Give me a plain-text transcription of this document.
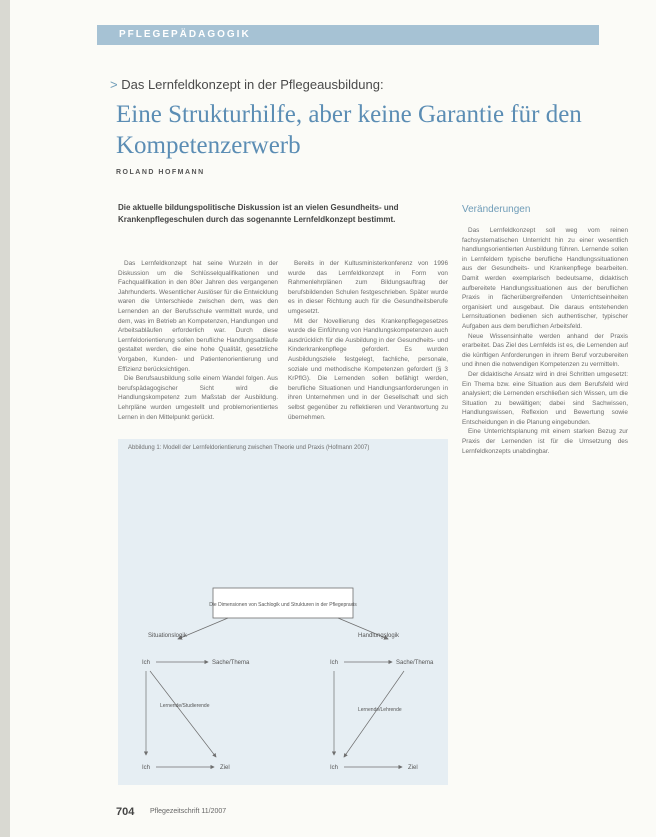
PFLEGEPÄDAGOGIK
> Das Lernfeldkonzept in der Pflegeausbildung:
Eine Strukturhilfe, aber keine Garantie für den Kompetenzerwerb
ROLAND HOFMANN
Die aktuelle bildungspolitische Diskussion ist an vielen Gesundheits- und Krankenpflegeschulen durch das sogenannte Lernfeldkonzept bestimmt.

Das Lernfeldkonzept hat seine Wurzeln in der Diskussion um die Schlüsselqualifikationen und Fachqualifikation in den 80er Jahren des vergangenen Jahrhunderts. Wesentlicher Auslöser für die Entwicklung waren die Unterschiede zwischen dem, was den Lernenden an der Berufsschule vermittelt wurde, und dem, was im Betrieb an Kompetenzen, Handlungen und Arbeitsabläufen erforderlich war. Durch diese Lernfeldorientierung sollen berufliche Handlungsabläufe gestaltet werden, die eine hohe Qualität, gesetzliche Vorgaben, Kunden- und Patientenorientierung und Effizienz berücksichtigen.

Die Berufsausbildung solle einem Wandel folgen. Aus berufspädagogischer Sicht wird die Handlungskompetenz zum Maßstab der Ausbildung. Lehrpläne wurden umgestellt und problemorientiertes Lernen in den Mittelpunkt gerückt.

Bereits in der Kultusministerkonferenz von 1996 wurde das Lernfeldkonzept in Form von Rahmenlehrplänen zum Bildungsauftrag der berufsbildenden Schulen festgeschrieben. Später wurde es in dieser Richtung auch für die Gesundheitsberufe umgesetzt.

Mit der Novellierung des Krankenpflegegesetzes wurde die Einführung von Handlungskompetenzen auch ausdrücklich für die Ausbildung in der Gesundheits- und Kinderkrankenpflege gefordert. Es wurden Ausbildungsziele festgelegt, fachliche, personale, soziale und methodische Kompetenzen gefordert (§ 3 KrPflG). Die Lernenden sollen befähigt werden, berufliche Situationen und Handlungsanforderungen in ihren Unternehmen und in der Gesellschaft und sich selbst gegenüber zu reflektieren und Verantwortung zu übernehmen.

Veränderungen

Das Lernfeldkonzept soll weg vom reinen fachsystematischen Unterricht hin zu einer wesentlich handlungsorientierten Ausbildung führen. Lernende sollen in Lernfeldern typische berufliche Handlungssituationen aus der Gesundheits- und Krankenpflege bearbeiten. Damit werden exemplarisch bedeutsame, didaktisch aufbereitete Handlungssituationen aus der beruflichen Praxis in fächerübergreifenden Unterrichtseinheiten organisiert und ausgebaut. Die daraus entstehenden Lernsituationen bedienen sich authentischer, typischer Aufgaben aus dem beruflichen Arbeitsfeld.

Neue Wissensinhalte werden anhand der Praxis erarbeitet. Das Ziel des Lernfelds ist es, die Lernenden auf die künftigen Anforderungen in ihrem Beruf vorzubereiten und ihnen die notwendigen Kompetenzen zu vermitteln.

Der didaktische Ansatz wird in drei Schritten umgesetzt: Ein Thema bzw. eine Situation aus dem Berufsfeld wird analysiert; die Lernenden erschließen sich Wissen, um die Situation zu bewältigen; dabei sind Sachwissen, Handlungswissen, Reflexion und Bewertung sowie Entscheidungen in die Planung eingebunden.

Eine Unterrichtsplanung mit einem starken Bezug zur Praxis der Lernenden ist für die Umsetzung des Lernfeldkonzepts unabdingbar.

Abbildung 1: Modell der Lernfeldorientierung zwischen Theorie und Praxis (Hofmann 2007)
Die Dimensionen von Sachlogik und Strukturen in der Pflegepraxis
Situationslogik	Handlungslogik
Ich	Sache/Thema
Lernende/Studierende
Ich	Ziel
Ich	Sache/Thema
Lernende/Lehrende
Ich	Ziel
704 Pflegezeitschrift 11/2007
